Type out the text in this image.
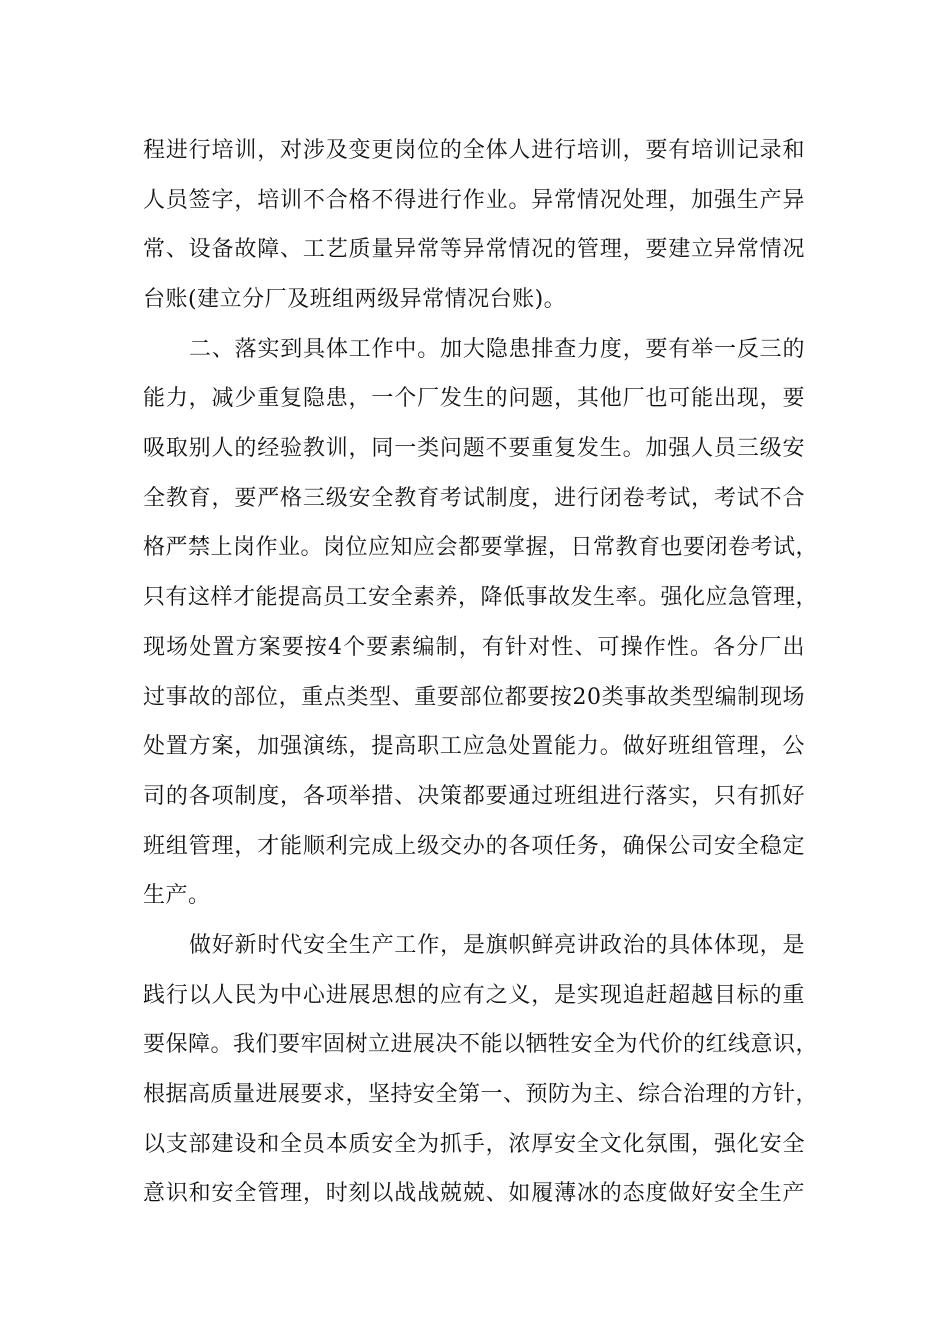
程进行培训，对涉及变更岗位的全体人进行培训，要有培训记录和
人员签字，培训不合格不得进行作业。异常情况处理，加强生产异
常、设备故障、工艺质量异常等异常情况的管理，要建立异常情况
台账(建立分厂及班组两级异常情况台账)。
二、落实到具体工作中。加大隐患排查力度，要有举一反三的
能力，减少重复隐患，一个厂发生的问题，其他厂也可能出现，要
吸取别人的经验教训，同一类问题不要重复发生。加强人员三级安
全教育，要严格三级安全教育考试制度，进行闭卷考试，考试不合
格严禁上岗作业。岗位应知应会都要掌握，日常教育也要闭卷考试，
只有这样才能提高员工安全素养，降低事故发生率。强化应急管理，
现场处置方案要按4个要素编制，有针对性、可操作性。各分厂出
过事故的部位，重点类型、重要部位都要按20类事故类型编制现场
处置方案，加强演练，提高职工应急处置能力。做好班组管理，公
司的各项制度，各项举措、决策都要通过班组进行落实，只有抓好
班组管理，才能顺利完成上级交办的各项任务，确保公司安全稳定
生产。
做好新时代安全生产工作，是旗帜鲜亮讲政治的具体体现，是
践行以人民为中心进展思想的应有之义，是实现追赶超越目标的重
要保障。我们要牢固树立进展决不能以牺牲安全为代价的红线意识，
根据高质量进展要求，坚持安全第一、预防为主、综合治理的方针，
以支部建设和全员本质安全为抓手，浓厚安全文化氛围，强化安全
意识和安全管理，时刻以战战兢兢、如履薄冰的态度做好安全生产
